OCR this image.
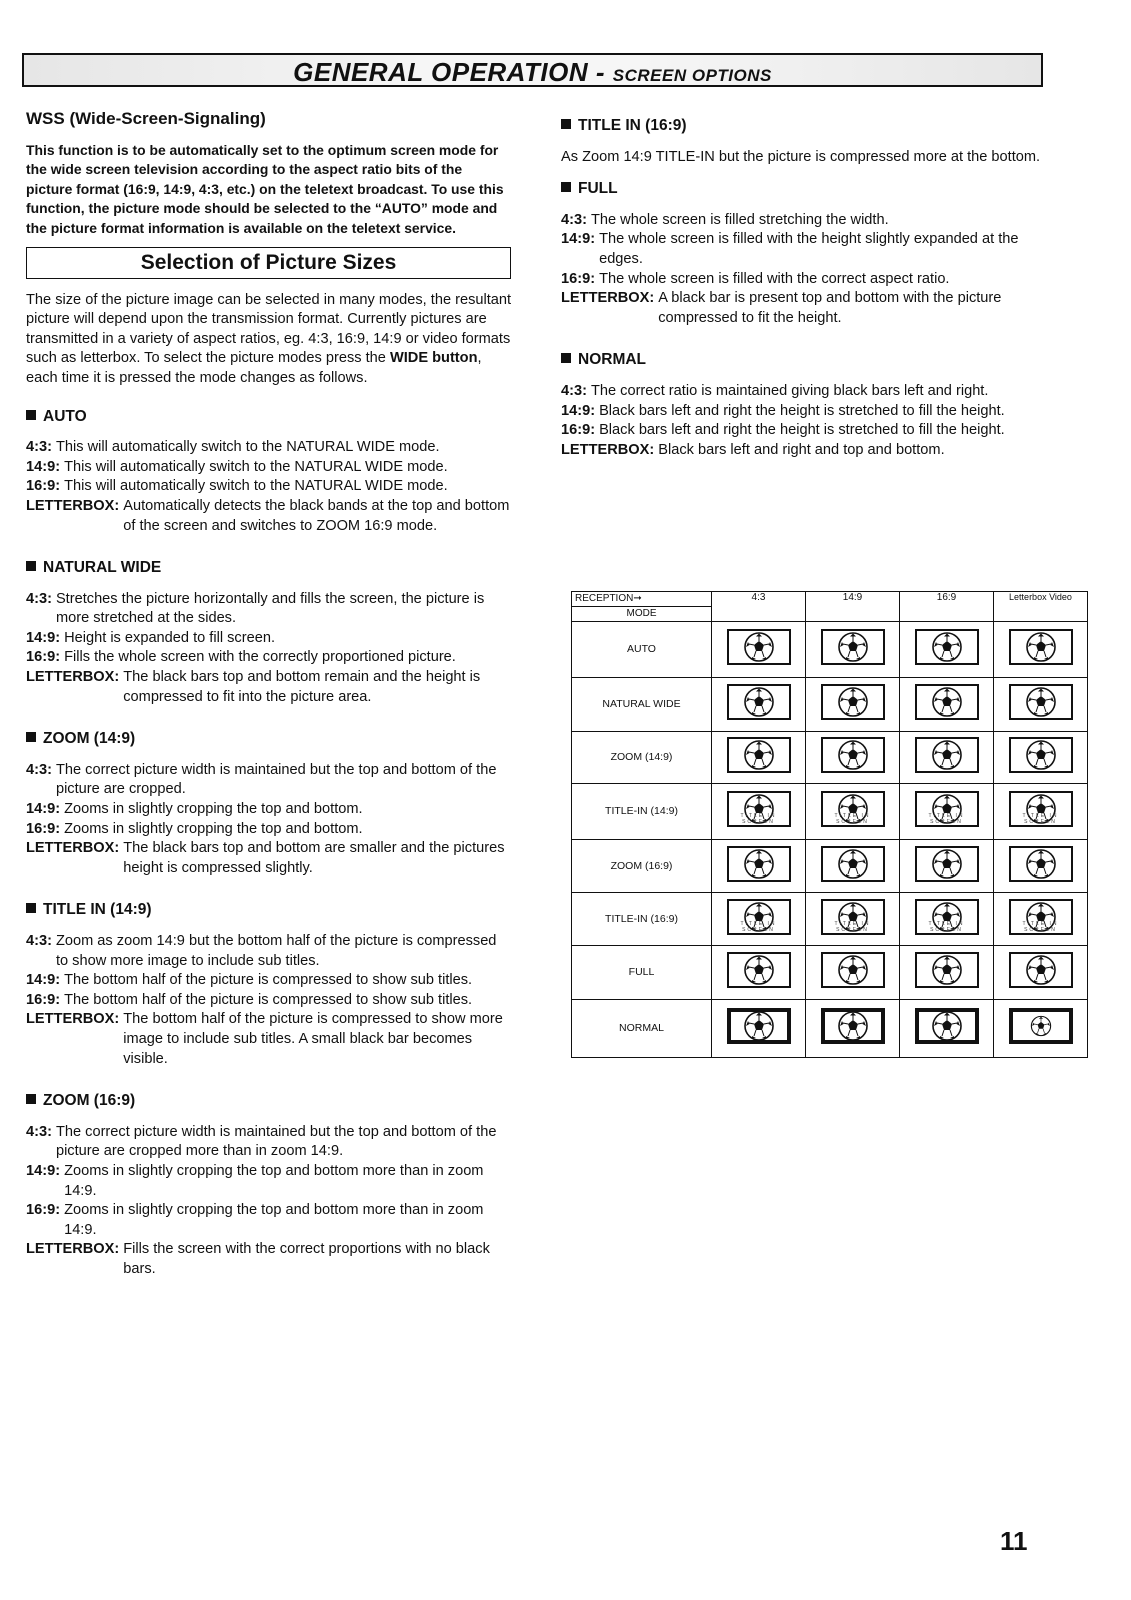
GENERAL OPERATION - SCREEN OPTIONS
WSS (Wide-Screen-Signaling)

This function is to be automatically set to the optimum screen mode for the wide screen television according to the aspect ratio bits of the picture format (16:9, 14:9, 4:3, etc.) on the teletext broadcast. To use this function, the picture mode should be selected to the “AUTO” mode and the picture format information is available on the teletext service.

Selection of Picture Sizes

The size of the picture image can be selected in many modes, the resultant picture will depend upon the transmission format. Currently pictures are transmitted in a variety of aspect ratios, eg. 4:3, 16:9, 14:9 or video formats such as letterbox. To select the picture modes press the WIDE button, each time it is pressed the mode changes as follows.

AUTO
4:3: This will automatically switch to the NATURAL WIDE mode.
14:9: This will automatically switch to the NATURAL WIDE mode.
16:9: This will automatically switch to the NATURAL WIDE mode.
LETTERBOX: Automatically detects the black bands at the top and bottom of the screen and switches to ZOOM 16:9 mode.
NATURAL WIDE
4:3: Stretches the picture horizontally and fills the screen, the picture is more stretched at the sides.
14:9: Height is expanded to fill screen.
16:9: Fills the whole screen with the correctly proportioned picture.
LETTERBOX: The black bars top and bottom remain and the height is compressed to fit into the picture area.
ZOOM (14:9)
4:3: The correct picture width is maintained but the top and bottom of the picture are cropped.
14:9: Zooms in slightly cropping the top and bottom.
16:9: Zooms in slightly cropping the top and bottom.
LETTERBOX: The black bars top and bottom are smaller and the pictures height is compressed slightly.
TITLE IN (14:9)
4:3: Zoom as zoom 14:9 but the bottom half of the picture is compressed to show more image to include sub titles.
14:9: The bottom half of the picture is compressed to show sub titles.
16:9: The bottom half of the picture is compressed to show sub titles.
LETTERBOX: The bottom half of the picture is compressed to show more image to include sub titles. A small black bar becomes visible.
ZOOM (16:9)
4:3: The correct picture width is maintained but the top and bottom of the picture are cropped more than in zoom 14:9.
14:9: Zooms in slightly cropping the top and bottom more than in zoom 14:9.
16:9: Zooms in slightly cropping the top and bottom more than in zoom 14:9.
LETTERBOX: Fills the screen with the correct proportions with no black bars.
TITLE IN (16:9)

As Zoom 14:9 TITLE-IN but the picture is compressed more at the bottom.

FULL
4:3: The whole screen is filled stretching the width.
14:9: The whole screen is filled with the height slightly expanded at the edges.
16:9: The whole screen is filled with the correct aspect ratio.
LETTERBOX: A black bar is present top and bottom with the picture compressed to fit the height.
NORMAL
4:3: The correct ratio is maintained giving black bars left and right.
14:9: Black bars left and right the height is stretched to fill the height.
16:9: Black bars left and right the height is stretched to fill the height.
LETTERBOX: Black bars left and right and top and bottom.
RECEPTION➞
MODE	4:3	14:9	16:9	Letterbox Video
AUTO	

NATURAL WIDE	

ZOOM (14:9)	

TITLE-IN (14:9)	TITLE IN SCREEN	TITLE IN SCREEN	TITLE IN SCREEN	TITLE IN SCREEN

ZOOM (16:9)	

TITLE-IN (16:9)	TITLE IN SCREEN	TITLE IN SCREEN	TITLE IN SCREEN	TITLE IN SCREEN

FULL	

NORMAL	

11
